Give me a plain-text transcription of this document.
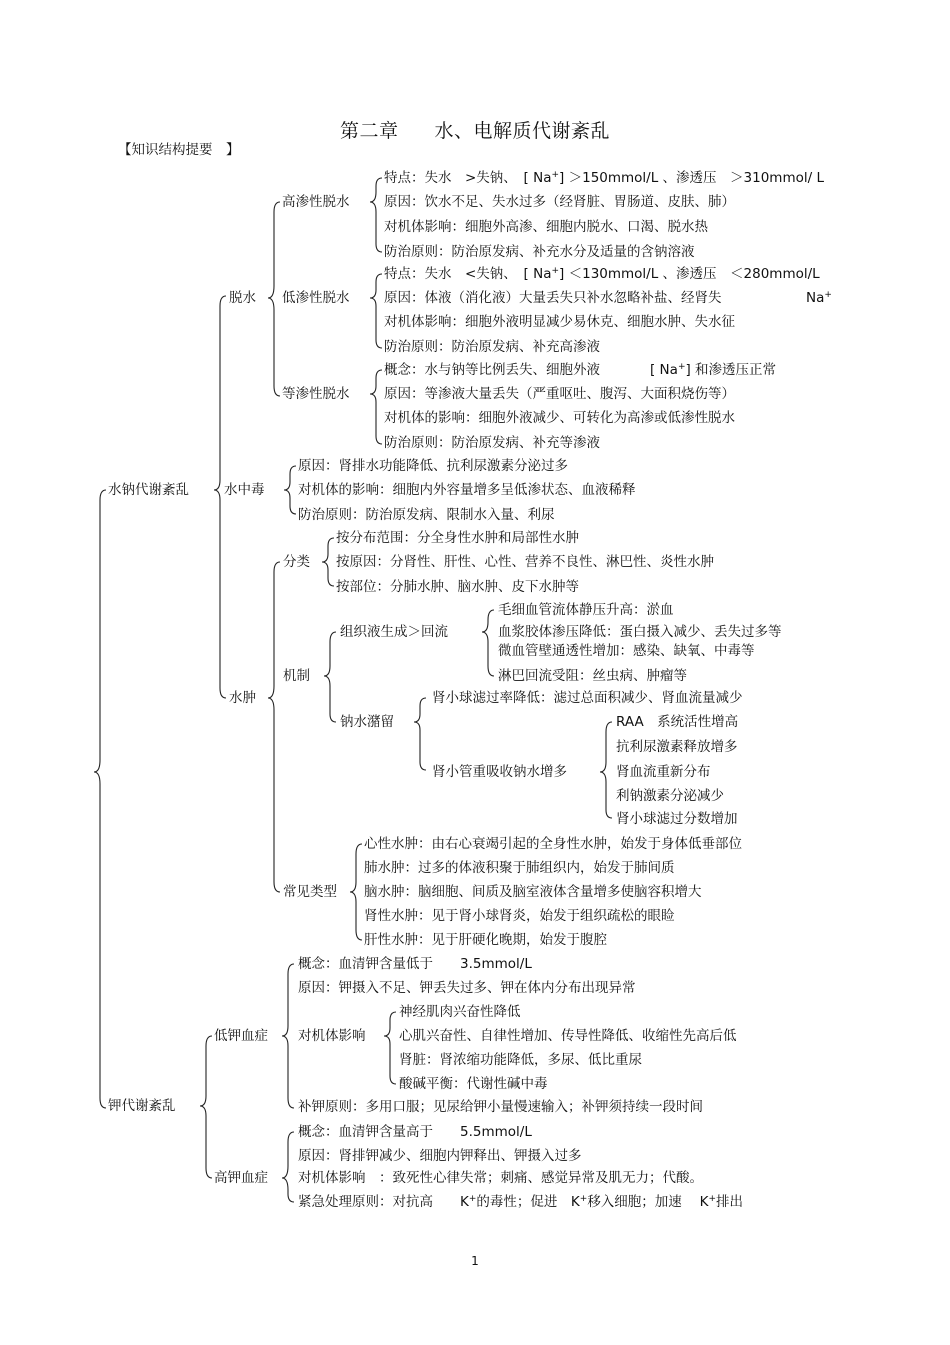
第二章 水、电解质代谢紊乱
【知识结构提要　】
水钠代谢紊乱
钾代谢紊乱
脱水
水中毒
水肿
高渗性脱水
低渗性脱水
等渗性脱水
特点：失水　>失钠、　[ Na+] ＞150mmol/L 、渗透压　＞310mmol/ L
原因：饮水不足、失水过多（经肾脏、胃肠道、皮肤、肺）
对机体影响：细胞外高渗、细胞内脱水、口渴、脱水热
防治原则：防治原发病、补充水分及适量的含钠溶液
特点：失水　<失钠、　[ Na+] ＜130mmol/L 、渗透压　＜280mmol/L
原因：体液（消化液）大量丢失只补水忽略补盐、经肾失	Na+
对机体影响：细胞外液明显减少易休克、细胞水肿、失水征
防治原则：防治原发病、补充高渗液
概念：水与钠等比例丢失、细胞外液	[ Na+] 和渗透压正常
原因：等渗液大量丢失（严重呕吐、腹泻、大面积烧伤等）
对机体的影响：细胞外液减少、可转化为高渗或低渗性脱水
防治原则：防治原发病、补充等渗液
原因：肾排水功能降低、抗利尿激素分泌过多
对机体的影响：细胞内外容量增多呈低渗状态、血液稀释
防治原则：防治原发病、限制水入量、利尿
分类
按分布范围：分全身性水肿和局部性水肿
按原因：分肾性、肝性、心性、营养不良性、淋巴性、炎性水肿
按部位：分肺水肿、脑水肿、皮下水肿等
机制
组织液生成＞回流
毛细血管流体静压升高：淤血
血浆胶体渗压降低：蛋白摄入减少、丢失过多等
微血管壁通透性增加：感染、缺氧、中毒等
淋巴回流受阻：丝虫病、肿瘤等
钠水潴留
肾小球滤过率降低：滤过总面积减少、肾血流量减少
肾小管重吸收钠水增多
RAA　系统活性增高
抗利尿激素释放增多
肾血流重新分布
利钠激素分泌减少
肾小球滤过分数增加
常见类型
心性水肿：由右心衰竭引起的全身性水肿，始发于身体低垂部位
肺水肿：过多的体液积聚于肺组织内，始发于肺间质
脑水肿：脑细胞、间质及脑室液体含量增多使脑容积增大
肾性水肿：见于肾小球肾炎，始发于组织疏松的眼睑
肝性水肿：见于肝硬化晚期，始发于腹腔
低钾血症
概念：血清钾含量低于　　3.5mmol/L
原因：钾摄入不足、钾丢失过多、钾在体内分布出现异常
对机体影响
神经肌肉兴奋性降低
心肌兴奋性、自律性增加、传导性降低、收缩性先高后低
肾脏：肾浓缩功能降低，多尿、低比重尿
酸碱平衡：代谢性碱中毒
补钾原则：多用口服；见尿给钾小量慢速输入；补钾须持续一段时间
高钾血症
概念：血清钾含量高于　　5.5mmol/L
原因：肾排钾减少、细胞内钾释出、钾摄入过多
对机体影响　：致死性心律失常；刺痛、感觉异常及肌无力；代酸。
紧急处理原则：对抗高　　K+的毒性；促进　K+移入细胞；加速　 K+排出
1
